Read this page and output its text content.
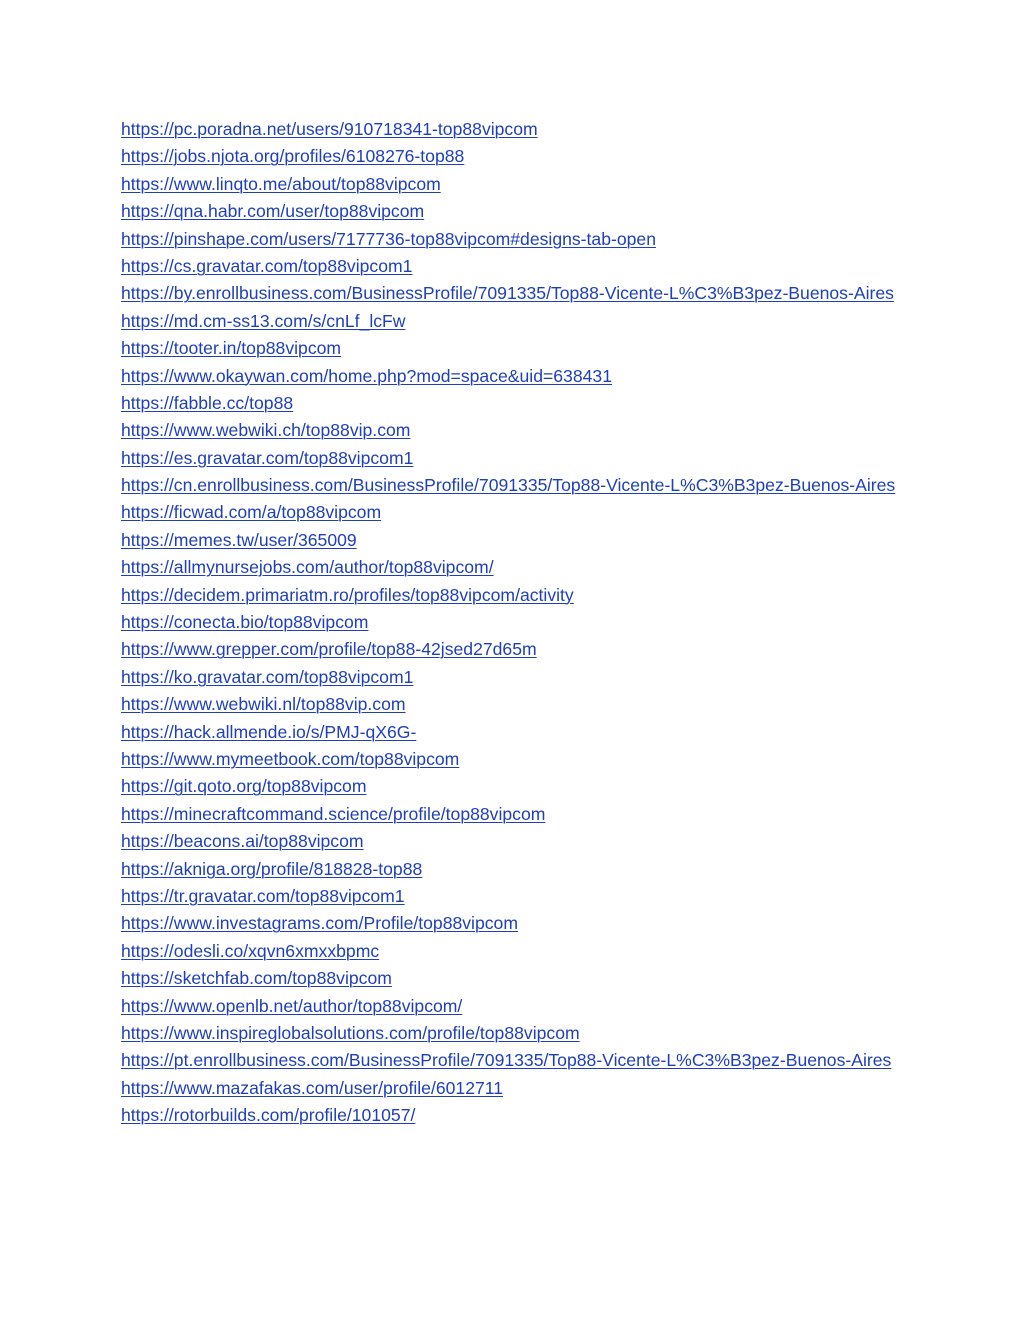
https://pc.poradna.net/users/910718341-top88vipcom
https://jobs.njota.org/profiles/6108276-top88
https://www.linqto.me/about/top88vipcom
https://qna.habr.com/user/top88vipcom
https://pinshape.com/users/7177736-top88vipcom#designs-tab-open
https://cs.gravatar.com/top88vipcom1
https://by.enrollbusiness.com/BusinessProfile/7091335/Top88-Vicente-L%C3%B3pez-Buenos-Aires
https://md.cm-ss13.com/s/cnLf_lcFw
https://tooter.in/top88vipcom
https://www.okaywan.com/home.php?mod=space&uid=638431
https://fabble.cc/top88
https://www.webwiki.ch/top88vip.com
https://es.gravatar.com/top88vipcom1
https://cn.enrollbusiness.com/BusinessProfile/7091335/Top88-Vicente-L%C3%B3pez-Buenos-Aires
https://ficwad.com/a/top88vipcom
https://memes.tw/user/365009
https://allmynursejobs.com/author/top88vipcom/
https://decidem.primariatm.ro/profiles/top88vipcom/activity
https://conecta.bio/top88vipcom
https://www.grepper.com/profile/top88-42jsed27d65m
https://ko.gravatar.com/top88vipcom1
https://www.webwiki.nl/top88vip.com
https://hack.allmende.io/s/PMJ-qX6G-
https://www.mymeetbook.com/top88vipcom
https://git.qoto.org/top88vipcom
https://minecraftcommand.science/profile/top88vipcom
https://beacons.ai/top88vipcom
https://akniga.org/profile/818828-top88
https://tr.gravatar.com/top88vipcom1
https://www.investagrams.com/Profile/top88vipcom
https://odesli.co/xqvn6xmxxbpmc
https://sketchfab.com/top88vipcom
https://www.openlb.net/author/top88vipcom/
https://www.inspireglobalsolutions.com/profile/top88vipcom
https://pt.enrollbusiness.com/BusinessProfile/7091335/Top88-Vicente-L%C3%B3pez-Buenos-Aires
https://www.mazafakas.com/user/profile/6012711
https://rotorbuilds.com/profile/101057/
